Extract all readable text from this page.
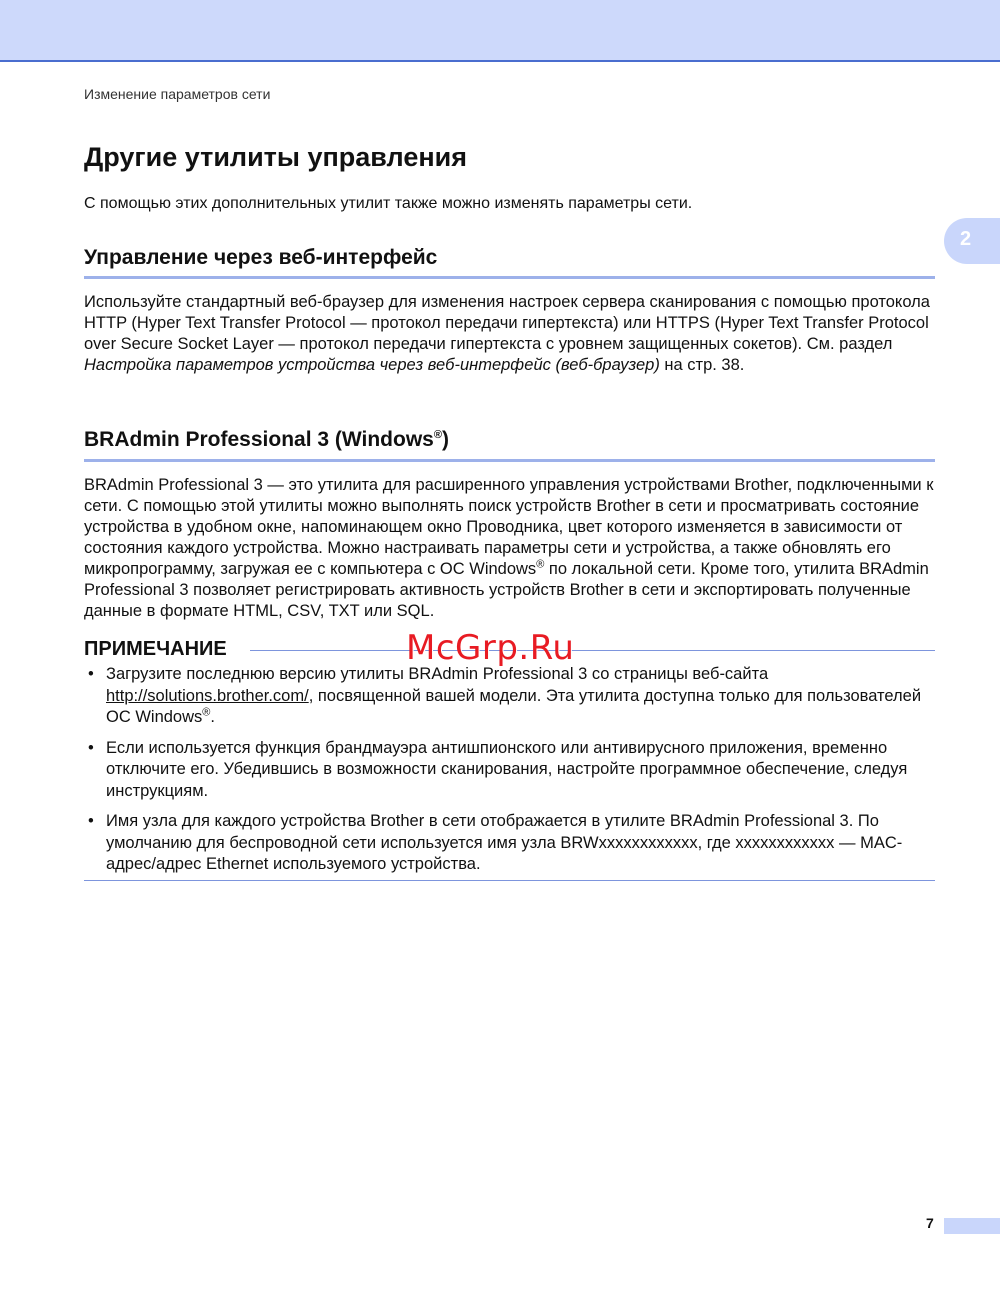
Изменение параметров сети
2
Другие утилиты управления

С помощью этих дополнительных утилит также можно изменять параметры сети.

Управление через веб-интерфейс

Используйте стандартный веб-браузер для изменения настроек сервера сканирования с помощью протокола HTTP (Hyper Text Transfer Protocol — протокол передачи гипертекста) или HTTPS (Hyper Text Transfer Protocol over Secure Socket Layer — протокол передачи гипертекста с уровнем защищенных сокетов). См. раздел Настройка параметров устройства через веб-интерфейс (веб-браузер) на стр. 38.

BRAdmin Professional 3 (Windows®)

BRAdmin Professional 3 — это утилита для расширенного управления устройствами Brother, подключенными к сети. С помощью этой утилиты можно выполнять поиск устройств Brother в сети и просматривать состояние устройства в удобном окне, напоминающем окно Проводника, цвет которого изменяется в зависимости от состояния каждого устройства. Можно настраивать параметры сети и устройства, а также обновлять его микропрограмму, загружая ее с компьютера с ОС Windows® по локальной сети. Кроме того, утилита BRAdmin Professional 3 позволяет регистрировать активность устройств Brother в сети и экспортировать полученные данные в формате HTML, CSV, TXT или SQL.

ПРИМЕЧАНИЕ
• Загрузите последнюю версию утилиты BRAdmin Professional 3 со страницы веб-сайта http://solutions.brother.com/, посвященной вашей модели. Эта утилита доступна только для пользователей ОС Windows®.
• Если используется функция брандмауэра антишпионского или антивирусного приложения, временно отключите его. Убедившись в возможности сканирования, настройте программное обеспечение, следуя инструкциям.
• Имя узла для каждого устройства Brother в сети отображается в утилите BRAdmin Professional 3. По умолчанию для беспроводной сети используется имя узла BRWxxxxxxxxxxxx, где xxxxxxxxxxxx — MAC-адрес/адрес Ethernet используемого устройства.
McGrp.Ru
7
